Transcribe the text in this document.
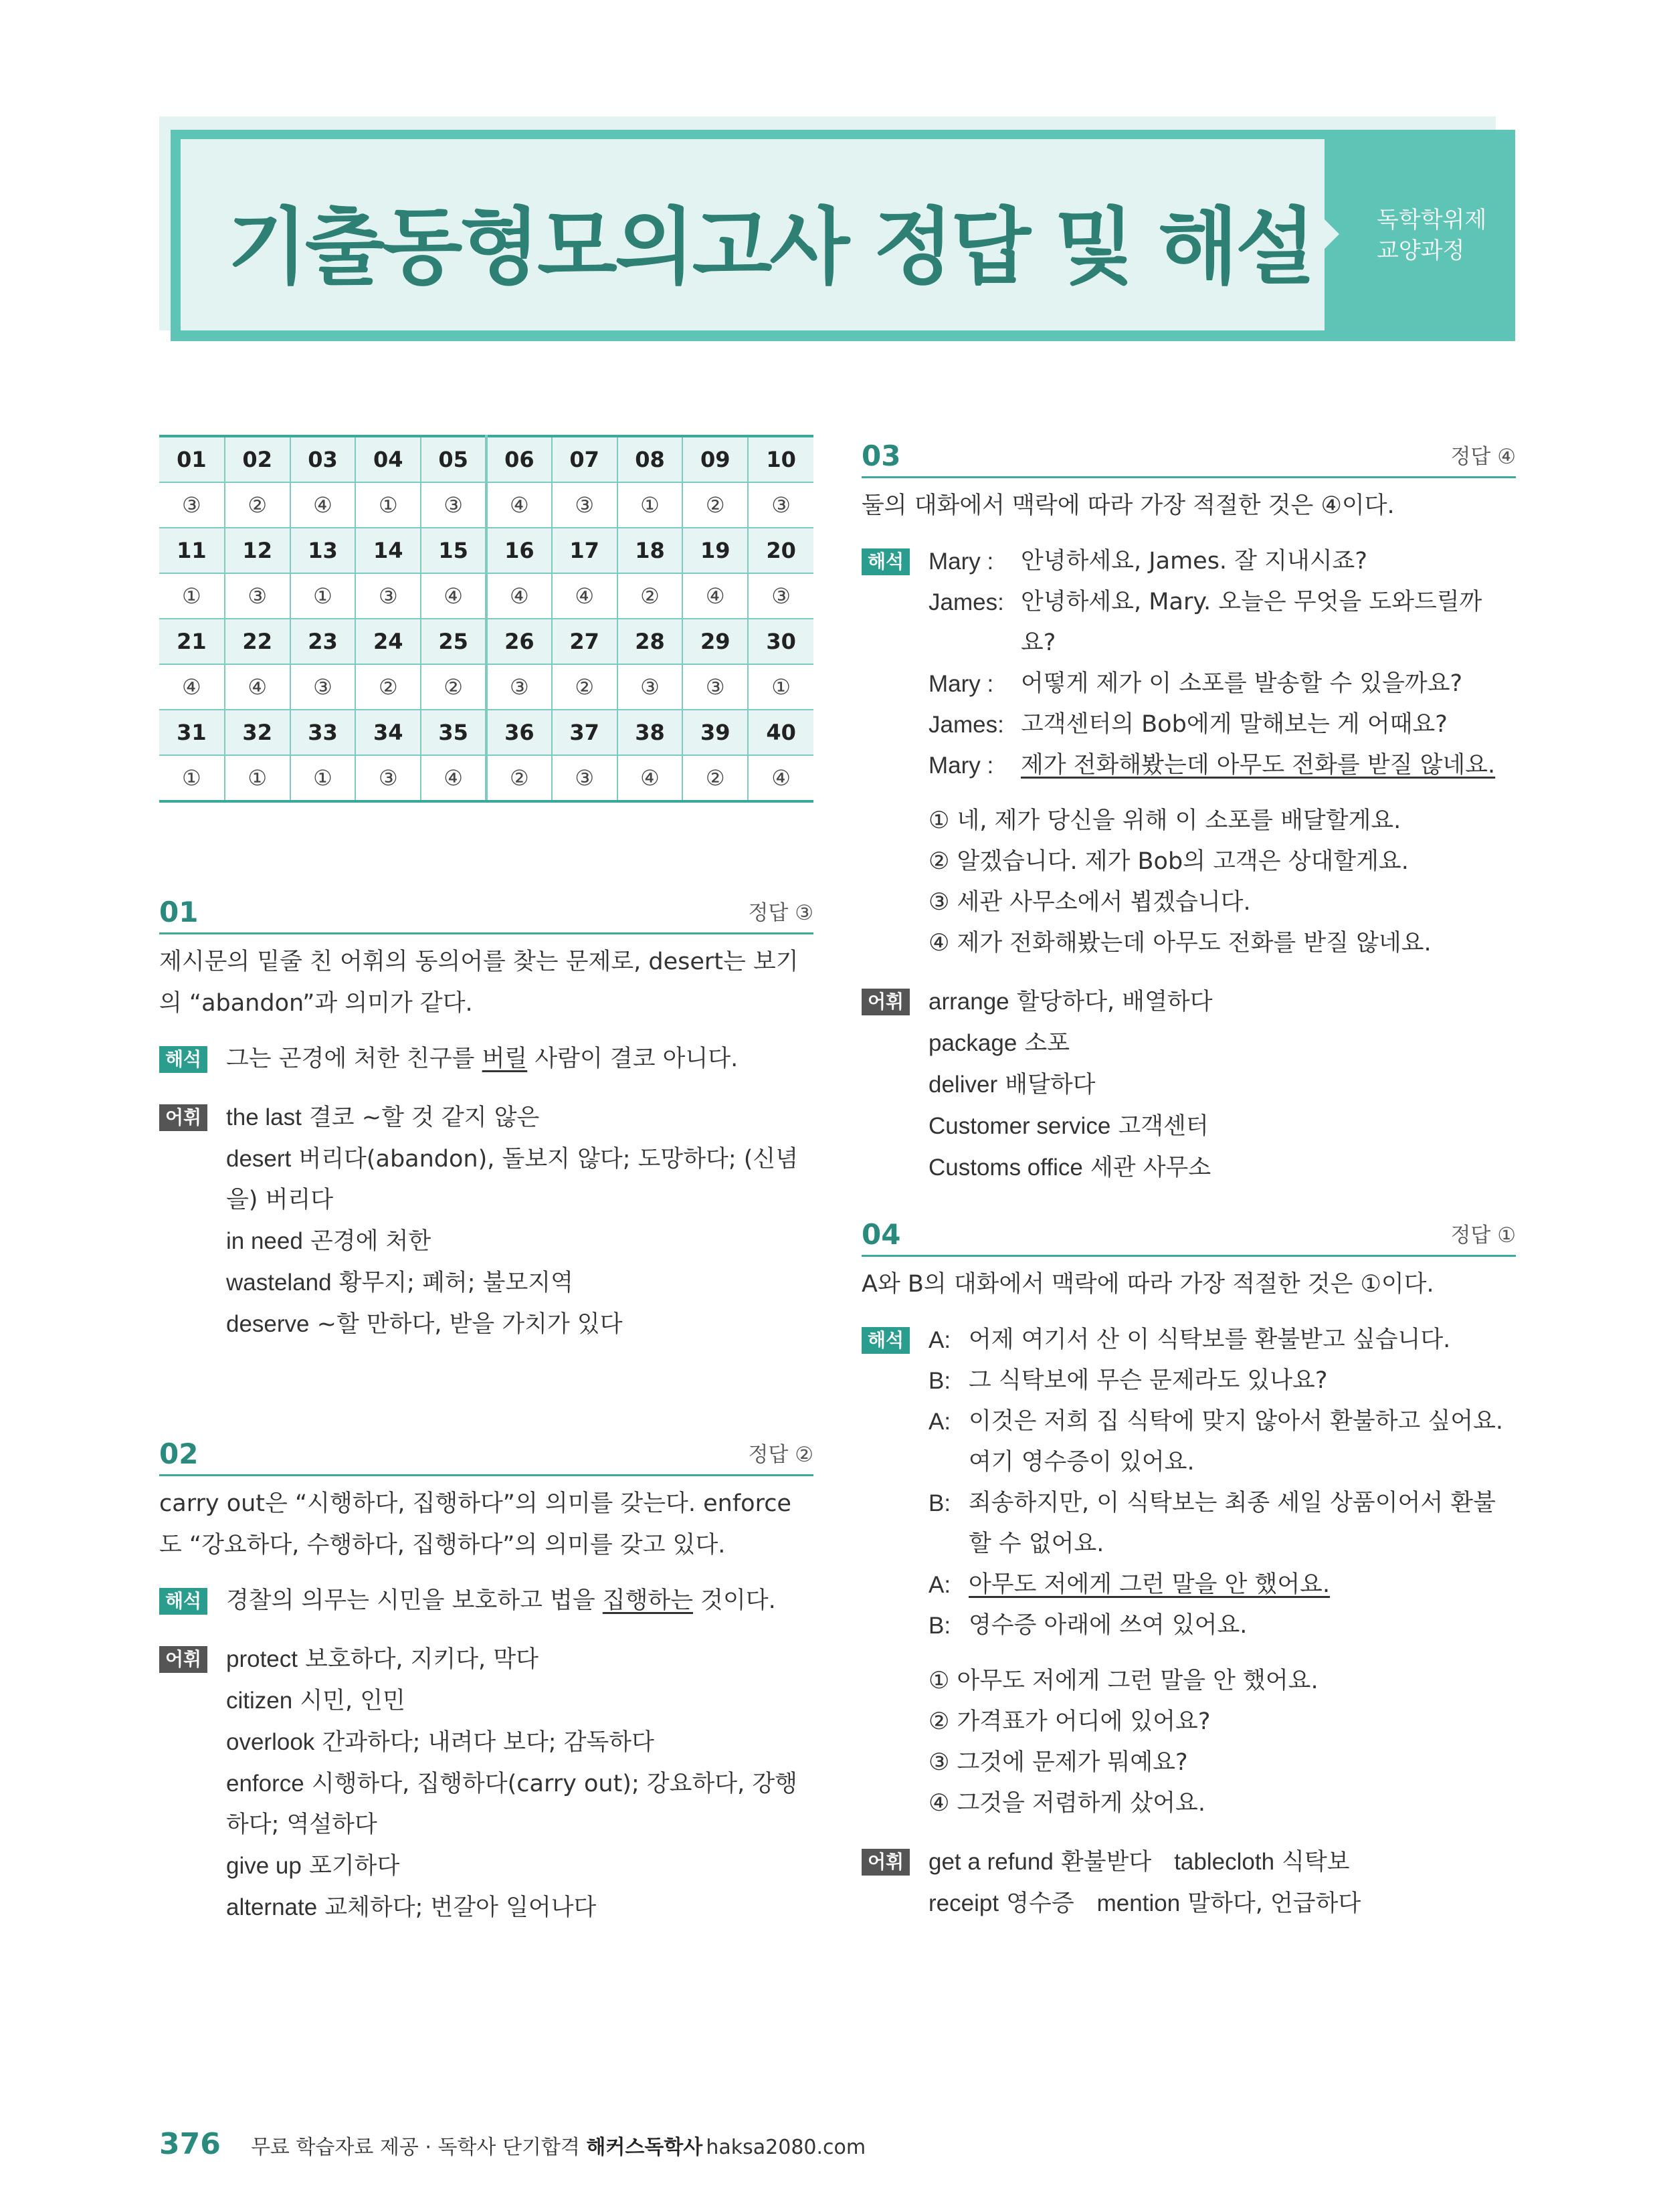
기출동형모의고사 정답 및 해설	독학학위제
교양과정
01	02	03	04	05	06	07	08	09	10
③	②	④	①	③	④	③	①	②	③
11	12	13	14	15	16	17	18	19	20
①	③	①	③	④	④	④	②	④	③
21	22	23	24	25	26	27	28	29	30
④	④	③	②	②	③	②	③	③	①
31	32	33	34	35	36	37	38	39	40
①	①	①	③	④	②	③	④	②	④
01	정답 ③

제시문의 밑줄 친 어휘의 동의어를 찾는 문제로, desert는 보기의 “abandon”과 의미가 같다.

해석 그는 곤경에 처한 친구를 버릴 사람이 결코 아니다.
어휘 the last 결코 ~할 것 같지 않은
desert 버리다(abandon), 돌보지 않다; 도망하다; (신념을) 버리다
in need 곤경에 처한
wasteland 황무지; 폐허; 불모지역
deserve ~할 만하다, 받을 가치가 있다
02	정답 ②

carry out은 “시행하다, 집행하다”의 의미를 갖는다. enforce도 “강요하다, 수행하다, 집행하다”의 의미를 갖고 있다.

해석 경찰의 의무는 시민을 보호하고 법을 집행하는 것이다.
어휘 protect 보호하다, 지키다, 막다
citizen 시민, 인민
overlook 간과하다; 내려다 보다; 감독하다
enforce 시행하다, 집행하다(carry out); 강요하다, 강행하다; 역설하다
give up 포기하다
alternate 교체하다; 번갈아 일어나다
03	정답 ④

둘의 대화에서 맥락에 따라 가장 적절한 것은 ④이다.

해석 Mary :	안녕하세요, James. 잘 지내시죠?
James: 안녕하세요, Mary. 오늘은 무엇을 도와드릴까요?
Mary :	어떻게 제가 이 소포를 발송할 수 있을까요?
James: 고객센터의 Bob에게 말해보는 게 어때요?
Mary :	제가 전화해봤는데 아무도 전화를 받질 않네요.
① 네, 제가 당신을 위해 이 소포를 배달할게요.
② 알겠습니다. 제가 Bob의 고객은 상대할게요.
③ 세관 사무소에서 뵙겠습니다.
④ 제가 전화해봤는데 아무도 전화를 받질 않네요.
어휘 arrange 할당하다, 배열하다
package 소포
deliver 배달하다
Customer service 고객센터
Customs office 세관 사무소
04	정답 ①

A와 B의 대화에서 맥락에 따라 가장 적절한 것은 ①이다.

해석 A: 어제 여기서 산 이 식탁보를 환불받고 싶습니다.
B: 그 식탁보에 무슨 문제라도 있나요?
A: 이것은 저희 집 식탁에 맞지 않아서 환불하고 싶어요. 여기 영수증이 있어요.
B: 죄송하지만, 이 식탁보는 최종 세일 상품이어서 환불할 수 없어요.
A: 아무도 저에게 그런 말을 안 했어요.
B: 영수증 아래에 쓰여 있어요.
① 아무도 저에게 그런 말을 안 했어요.
② 가격표가 어디에 있어요?
③ 그것에 문제가 뭐예요?
④ 그것을 저렴하게 샀어요.
어휘 get a refund 환불받다 tablecloth 식탁보
receipt 영수증 mention 말하다, 언급하다
376 무료 학습자료 제공 · 독학사 단기합격 해커스독학사 haksa2080.com
